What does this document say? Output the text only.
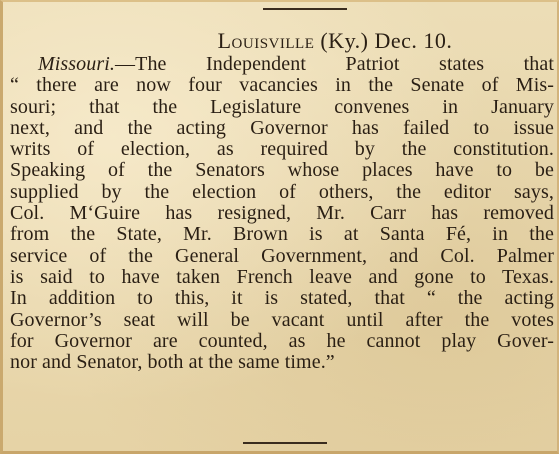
Louisville (Ky.) Dec. 10.
Missouri.—The Independent Patriot states that
“ there are now four vacancies in the Senate of Mis-
souri; that the Legislature convenes in January
next, and the acting Governor has failed to issue
writs of election, as required by the constitution.
Speaking of the Senators whose places have to be
supplied by the election of others, the editor says,
Col. M‘Guire has resigned, Mr. Carr has removed
from the State, Mr. Brown is at Santa Fé, in the
service of the General Government, and Col. Palmer
is said to have taken French leave and gone to Texas.
In addition to this, it is stated, that “ the acting
Governor’s seat will be vacant until after the votes
for Governor are counted, as he cannot play Gover-
nor and Senator, both at the same time.”
